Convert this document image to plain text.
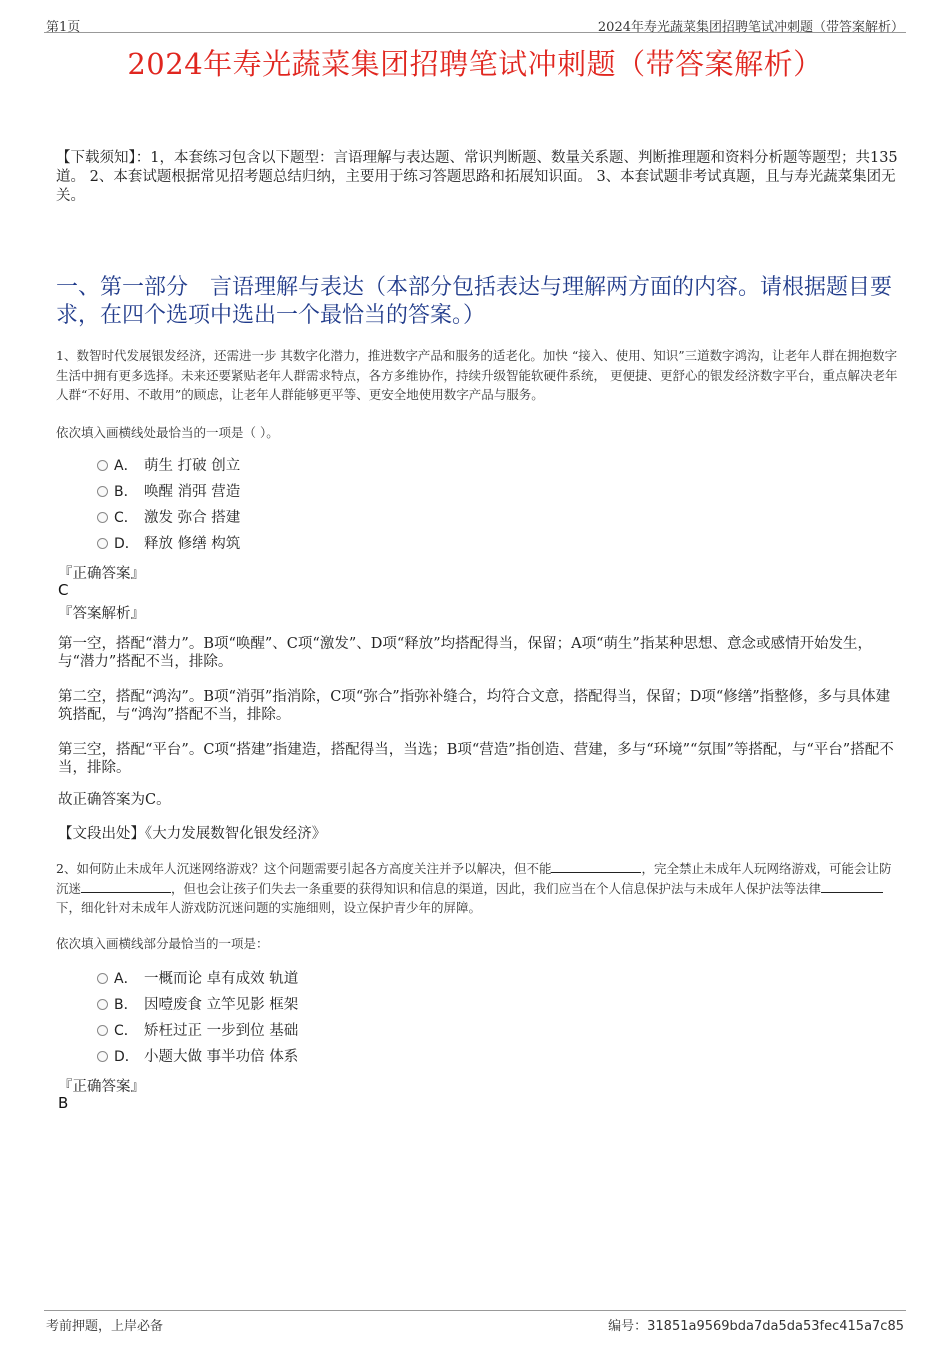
第1页	2024年寿光蔬菜集团招聘笔试冲刺题（带答案解析）
2024年寿光蔬菜集团招聘笔试冲刺题（带答案解析）
【下载须知】：1，本套练习包含以下题型：言语理解与表达题、常识判断题、数量关系题、判断推理题和资料分析题等题型；共135道。 2、本套试题根据常见招考题总结归纳，主要用于练习答题思路和拓展知识面。 3、本套试题非考试真题，且与寿光蔬菜集团无关。
一、第一部分　言语理解与表达（本部分包括表达与理解两方面的内容。请根据题目要求，在四个选项中选出一个最恰当的答案。）
1、数智时代发展银发经济，还需进一步 其数字化潜力，推进数字产品和服务的适老化。加快 “接入、使用、知识”三道数字鸿沟，让老年人群在拥抱数字生活中拥有更多选择。未来还要紧贴老年人群需求特点，各方多维协作，持续升级智能软硬件系统， 更便捷、更舒心的银发经济数字平台，重点解决老年人群“不好用、不敢用”的顾虑，让老年人群能够更平等、更安全地使用数字产品与服务。
依次填入画横线处最恰当的一项是（ ）。
A． 萌生 打破 创立
B． 唤醒 消弭 营造
C． 激发 弥合 搭建
D． 释放 修缮 构筑
『正确答案』
C
『答案解析』
第一空，搭配“潜力”。B项“唤醒”、C项“激发”、D项“释放”均搭配得当，保留；A项“萌生”指某种思想、意念或感情开始发生，与“潜力”搭配不当，排除。
第二空，搭配“鸿沟”。B项“消弭”指消除，C项“弥合”指弥补缝合，均符合文意，搭配得当，保留；D项“修缮”指整修，多与具体建筑搭配，与“鸿沟”搭配不当，排除。
第三空，搭配“平台”。C项“搭建”指建造，搭配得当，当选；B项“营造”指创造、营建，多与“环境”“氛围”等搭配，与“平台”搭配不当，排除。
故正确答案为C。
【文段出处】《大力发展数智化银发经济》
2、如何防止未成年人沉迷网络游戏？这个问题需要引起各方高度关注并予以解决，但不能	，完全禁止未成年人玩网络游戏，可能会让防沉迷	，但也会让孩子们失去一条重要的获得知识和信息的渠道，因此，我们应当在个人信息保护法与未成年人保护法等法律下，细化针对未成年人游戏防沉迷问题的实施细则，设立保护青少年的屏障。
依次填入画横线部分最恰当的一项是：
A． 一概而论 卓有成效 轨道
B． 因噎废食 立竿见影 框架
C． 矫枉过正 一步到位 基础
D． 小题大做 事半功倍 体系
『正确答案』
B
考前押题，上岸必备	编号：31851a9569bda7da5da53fec415a7c85
